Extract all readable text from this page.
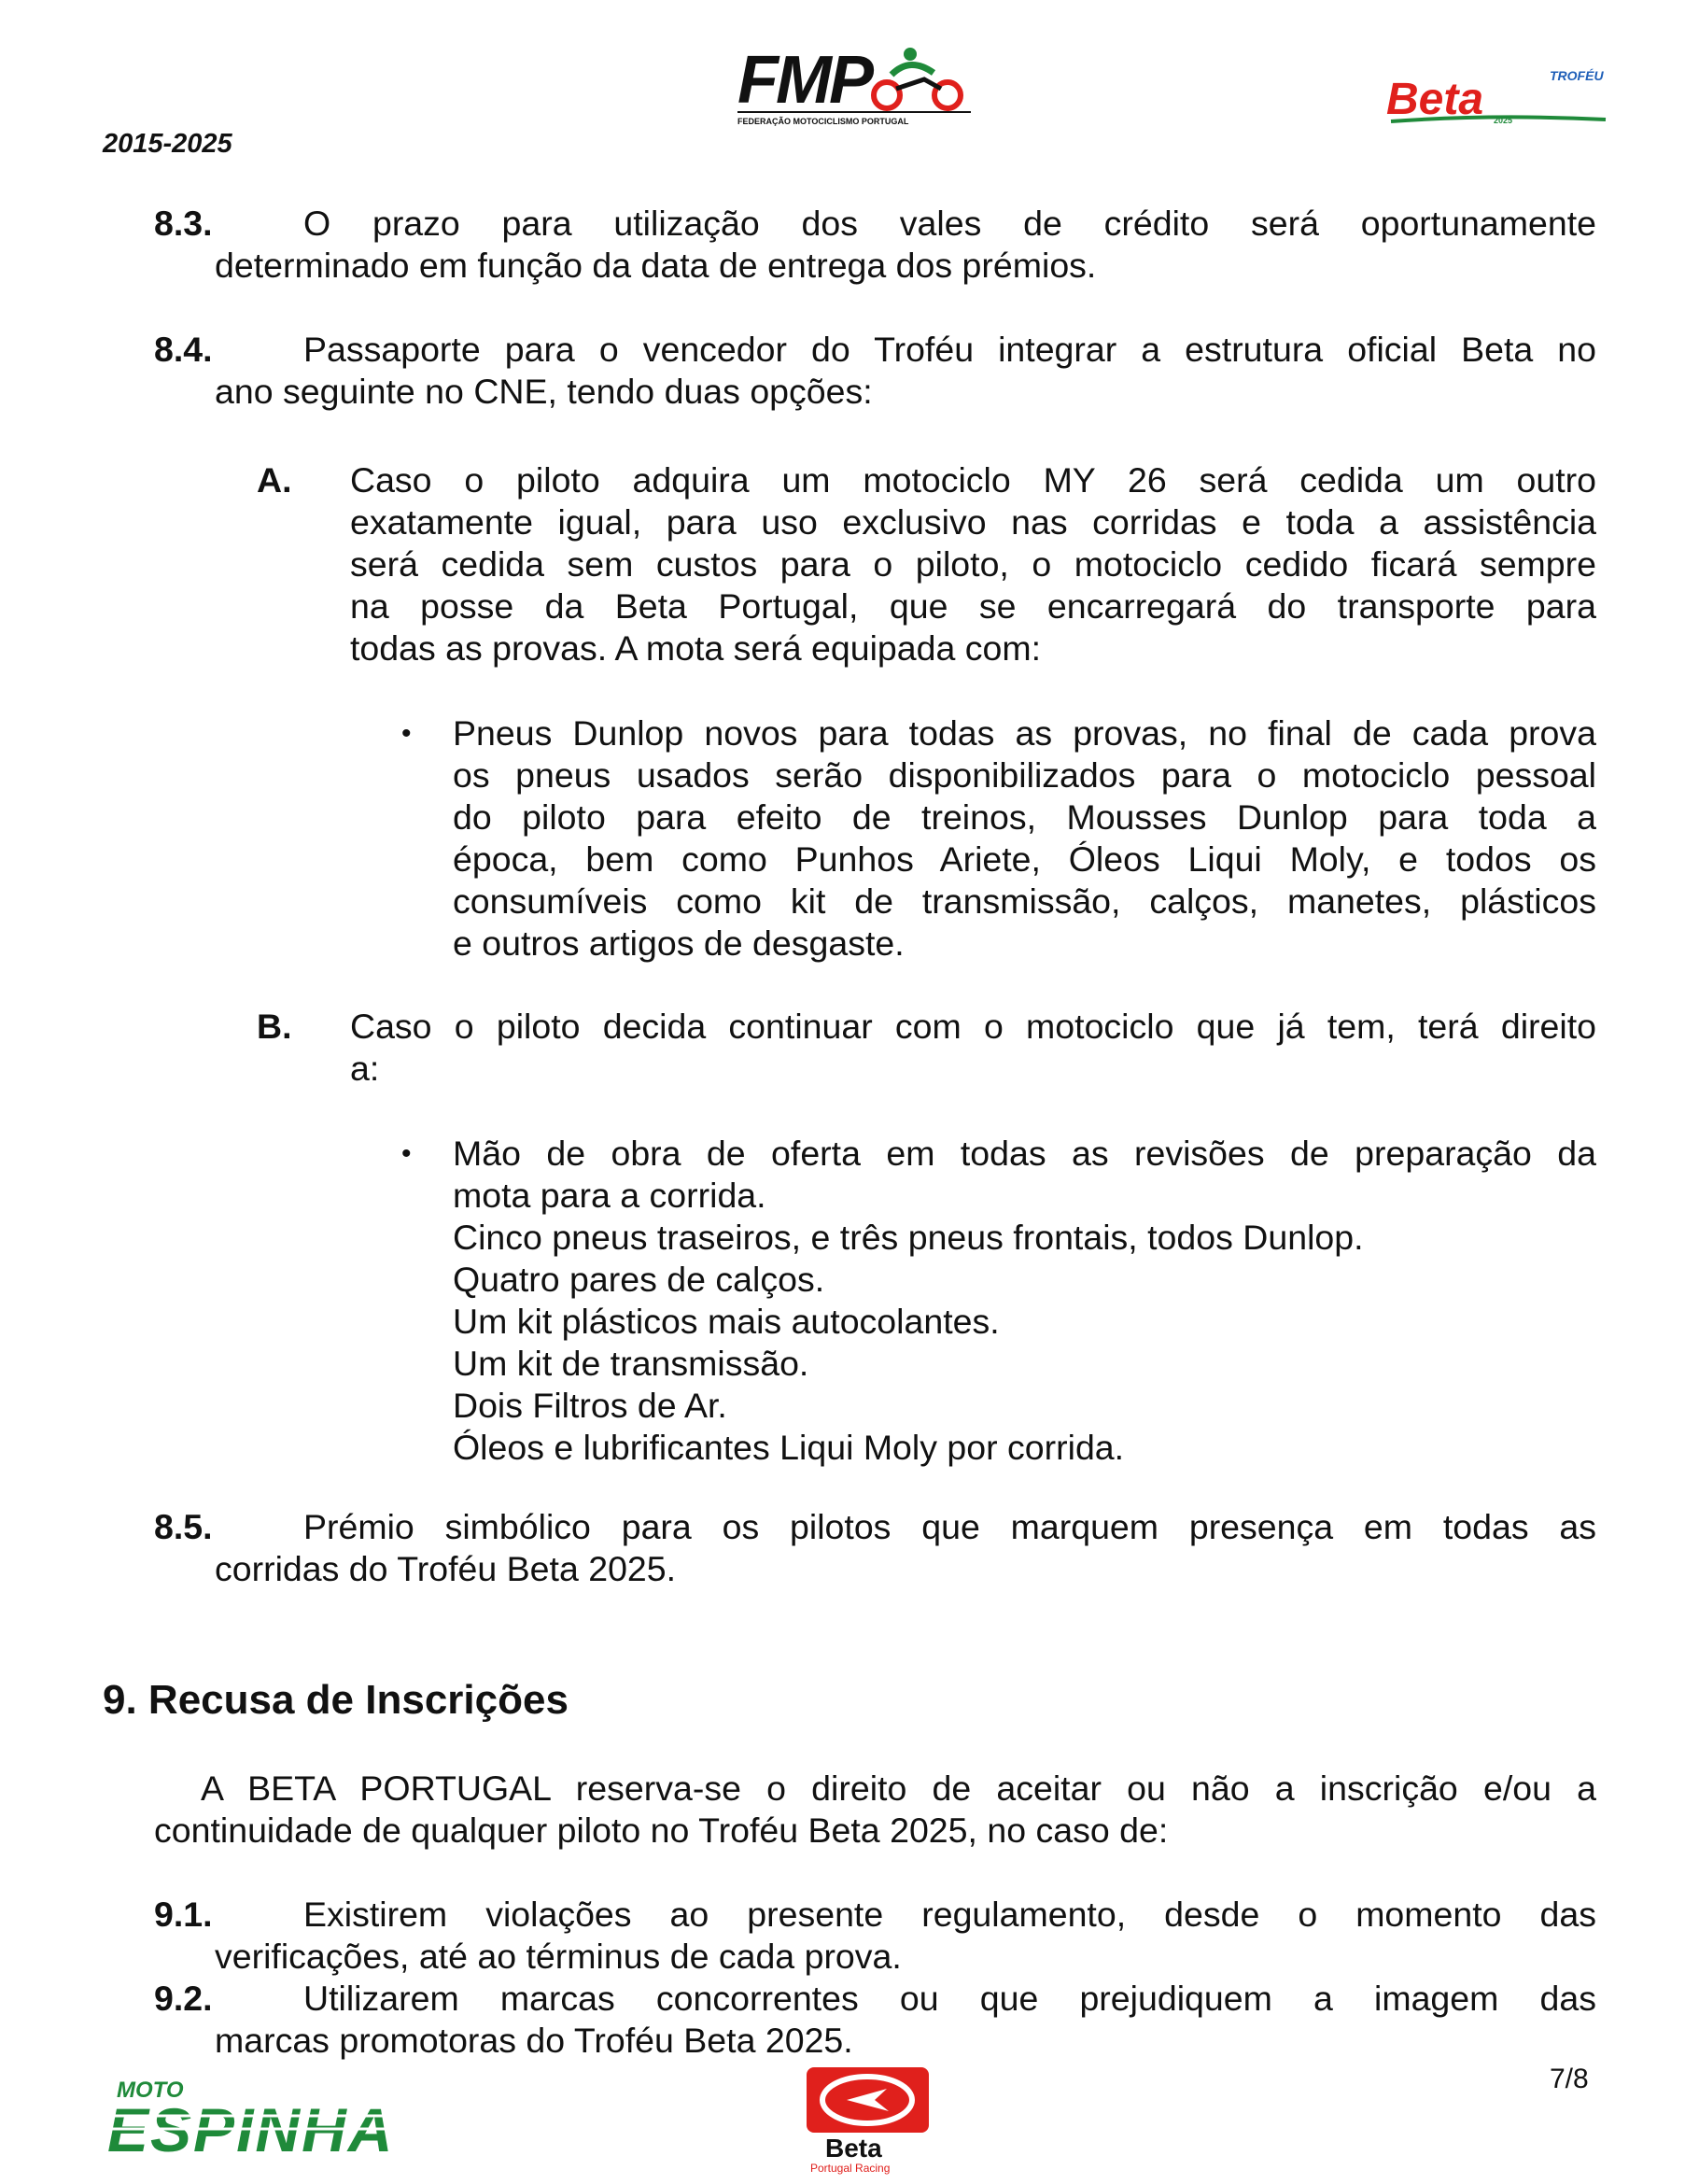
2015-2025
FMP
FEDERAÇÃO MOTOCICLISMO PORTUGAL	Beta	TROFÉU
2025
8.3.	O prazo para utilização dos vales de crédito será oportunamente
determinado em função da data de entrega dos prémios.
8.4.	Passaporte para o vencedor do Troféu integrar a estrutura oficial Beta no
ano seguinte no CNE, tendo duas opções:
A. Caso o piloto adquira um motociclo MY 26 será cedida um outro
exatamente igual, para uso exclusivo nas corridas e toda a assistência
será cedida sem custos para o piloto, o motociclo cedido ficará sempre
na posse da Beta Portugal, que se encarregará do transporte para
todas as provas. A mota será equipada com:
• Pneus Dunlop novos para todas as provas, no final de cada prova
os pneus usados serão disponibilizados para o motociclo pessoal
do piloto para efeito de treinos, Mousses Dunlop para toda a
época, bem como Punhos Ariete, Óleos Liqui Moly, e todos os
consumíveis como kit de transmissão, calços, manetes, plásticos
e outros artigos de desgaste.
B. Caso o piloto decida continuar com o motociclo que já tem, terá direito
a:
• Mão de obra de oferta em todas as revisões de preparação da
mota para a corrida.
Cinco pneus traseiros, e três pneus frontais, todos Dunlop.
Quatro pares de calços.
Um kit plásticos mais autocolantes.
Um kit de transmissão.
Dois Filtros de Ar.
Óleos e lubrificantes Liqui Moly por corrida.
8.5.	Prémio simbólico para os pilotos que marquem presença em todas as
corridas do Troféu Beta 2025.
9. Recusa de Inscrições
A BETA PORTUGAL reserva-se o direito de aceitar ou não a inscrição e/ou a
continuidade de qualquer piloto no Troféu Beta 2025, no caso de:
9.1.	Existirem violações ao presente regulamento, desde o momento das
verificações, até ao términus de cada prova.
9.2.	Utilizarem marcas concorrentes ou que prejudiquem a imagem das
marcas promotoras do Troféu Beta 2025.
7/8
MOTO
ESPINHA	Beta
Portugal Racing
